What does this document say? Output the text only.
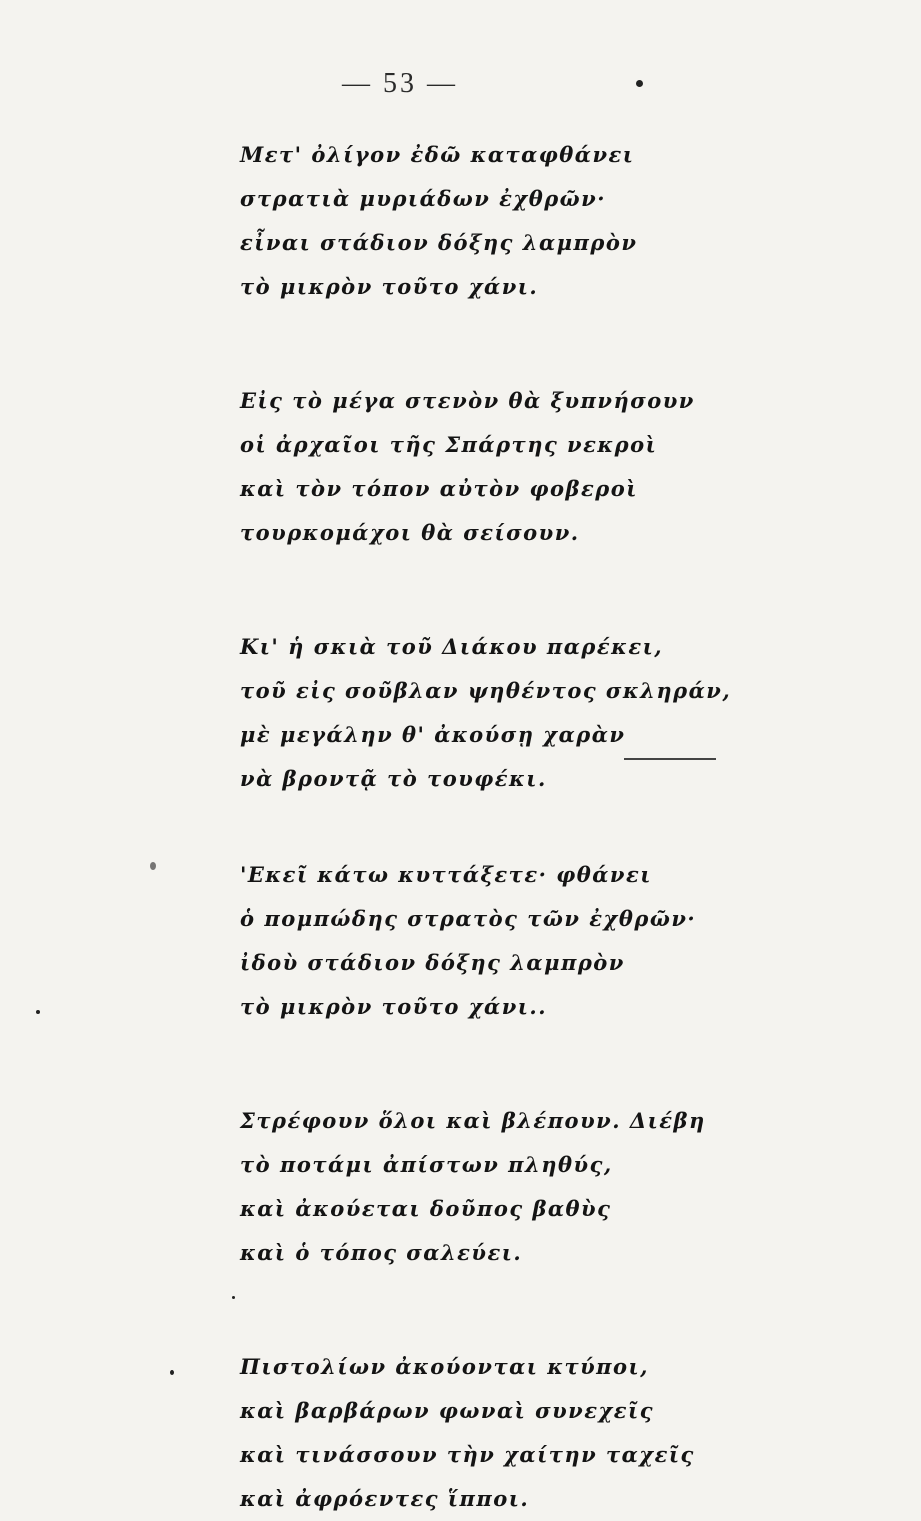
— 53 —
Μετ' ὀλίγον ἐδῶ καταφθάνει
στρατιὰ μυριάδων ἐχθρῶν·
εἶναι στάδιον δόξης λαμπρὸν
τὸ μικρὸν τοῦτο χάνι.
Εἰς τὸ μέγα στενὸν θὰ ξυπνήσουν
οἱ ἀρχαῖοι τῆς Σπάρτης νεκροὶ
καὶ τὸν τόπον αὐτὸν φοβεροὶ
τουρκομάχοι θὰ σείσουν.
Κι' ἡ σκιὰ τοῦ Διάκου παρέκει,
τοῦ εἰς σοῦβλαν ψηθέντος σκληράν,
μὲ μεγάλην θ' ἀκούσῃ χαρὰν
νὰ βροντᾷ τὸ τουφέκι.
'Εκεῖ κάτω κυττάξετε· φθάνει
ὁ πομπώδης στρατὸς τῶν ἐχθρῶν·
ἰδοὺ στάδιον δόξης λαμπρὸν
τὸ μικρὸν τοῦτο χάνι..
Στρέφουν ὅλοι καὶ βλέπουν. Διέβη
τὸ ποτάμι ἀπίστων πληθύς,
καὶ ἀκούεται δοῦπος βαθὺς
καὶ ὁ τόπος σαλεύει.
Πιστολίων ἀκούονται κτύποι,
καὶ βαρβάρων φωναὶ συνεχεῖς
καὶ τινάσσουν τὴν χαίτην ταχεῖς
καὶ ἀφρόεντες ἵπποι.
